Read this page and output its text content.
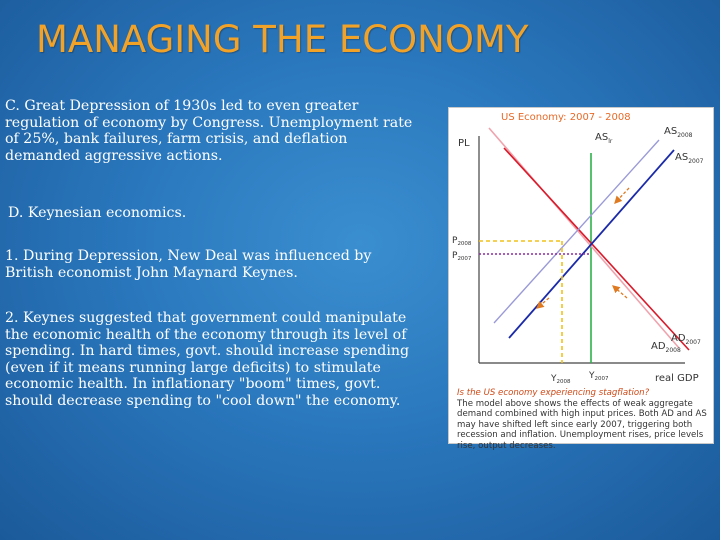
MANAGING THE ECONOMY

C. Great Depression of 1930s led to even greater regulation of economy by Congress. Unemployment rate of 25%, bank failures, farm crisis, and deflation demanded aggressive actions.

D. Keynesian economics.

1. During Depression, New Deal was influenced by British economist John Maynard Keynes.

2. Keynes suggested that government could manipulate the economic health of the economy through its level of spending. In hard times, govt. should increase spending (even if it means running large deficits) to stimulate economic health. In inflationary "boom" times, govt. should decrease spending to "cool down" the economy.

US Economy: 2007 - 2008
PL
real GDP
$AS_{lr}$
$AS_{2008}$
$AS_{2007}$
$AD_{2007}$
$AD_{2008}$
$P_{2008}$
$P_{2007}$
$Y_{2008}$
$Y_{2007}$
Is the US economy experiencing stagflation?
The model above shows the effects of weak aggregate demand combined with high input prices. Both AD and AS may have shifted left since early 2007, triggering both recession and inflation. Unemployment rises, price levels rise, output decreases.
